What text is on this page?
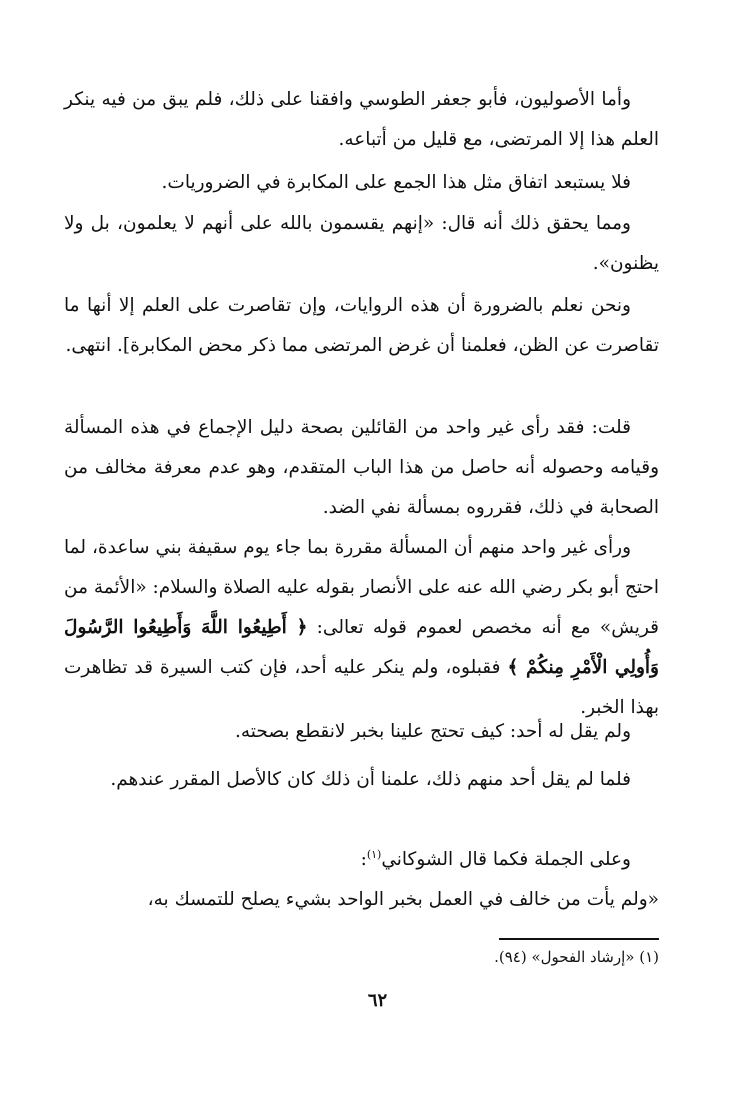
وأما الأصوليون، فأبو جعفر الطوسي وافقنا على ذلك، فلم يبق من فيه ينكر العلم هذا إلا المرتضى، مع قليل من أتباعه.

فلا يستبعد اتفاق مثل هذا الجمع على المكابرة في الضروريات.

ومما يحقق ذلك أنه قال: «إنهم يقسمون بالله على أنهم لا يعلمون، بل ولا يظنون».

ونحن نعلم بالضرورة أن هذه الروايات، وإن تقاصرت على العلم إلا أنها ما تقاصرت عن الظن، فعلمنا أن غرض المرتضى مما ذكر محض المكابرة]. انتهى.

قلت: فقد رأى غير واحد من القائلين بصحة دليل الإجماع في هذه المسألة وقيامه وحصوله أنه حاصل من هذا الباب المتقدم، وهو عدم معرفة مخالف من الصحابة في ذلك، فقرروه بمسألة نفي الضد.

ورأى غير واحد منهم أن المسألة مقررة بما جاء يوم سقيفة بني ساعدة، لما احتج أبو بكر رضي الله عنه على الأنصار بقوله عليه الصلاة والسلام: «الأئمة من قريش» مع أنه مخصص لعموم قوله تعالى: ﴿ أَطِيعُوا اللَّهَ وَأَطِيعُوا الرَّسُولَ وَأُولِي الْأَمْرِ مِنكُمْ ﴾ فقبلوه، ولم ينكر عليه أحد، فإن كتب السيرة قد تظاهرت بهذا الخبر.

ولم يقل له أحد: كيف تحتج علينا بخبر لانقطع بصحته.

فلما لم يقل أحد منهم ذلك، علمنا أن ذلك كان كالأصل المقرر عندهم.

وعلى الجملة فكما قال الشوكاني$^{(١)}$:

«ولم يأت من خالف في العمل بخبر الواحد بشيء يصلح للتمسك به،

(١) «إرشاد الفحول» (٩٤).
٦٢
